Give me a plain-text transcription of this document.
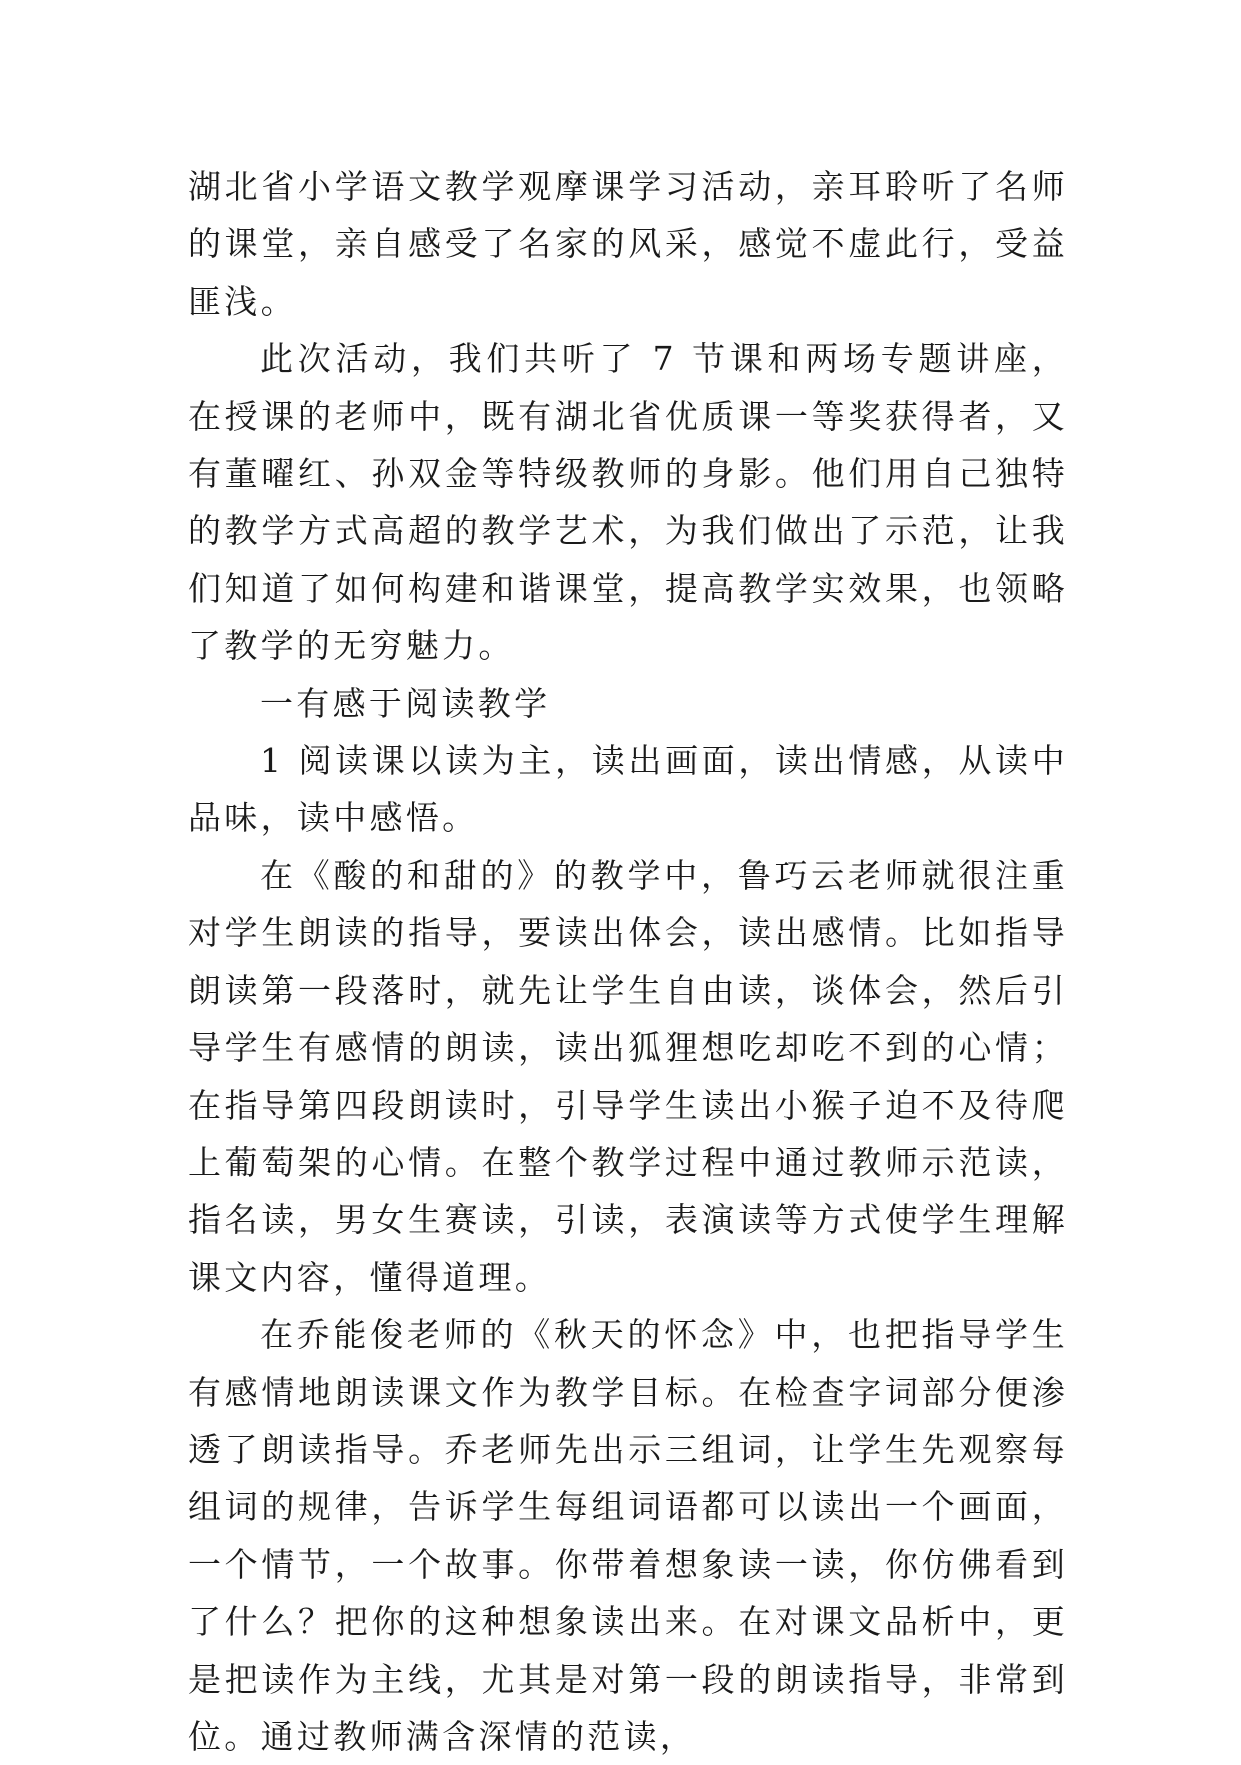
湖北省小学语文教学观摩课学习活动，亲耳聆听了名师的课堂，亲自感受了名家的风采，感觉不虚此行，受益匪浅。

此次活动，我们共听了 7 节课和两场专题讲座，在授课的老师中，既有湖北省优质课一等奖获得者，又有董曜红、孙双金等特级教师的身影。他们用自己独特的教学方式高超的教学艺术，为我们做出了示范，让我们知道了如何构建和谐课堂，提高教学实效果，也领略了教学的无穷魅力。

一有感于阅读教学

1 阅读课以读为主，读出画面，读出情感，从读中品味，读中感悟。

在《酸的和甜的》的教学中，鲁巧云老师就很注重对学生朗读的指导，要读出体会，读出感情。比如指导朗读第一段落时，就先让学生自由读，谈体会，然后引导学生有感情的朗读，读出狐狸想吃却吃不到的心情；在指导第四段朗读时，引导学生读出小猴子迫不及待爬上葡萄架的心情。在整个教学过程中通过教师示范读，指名读，男女生赛读，引读，表演读等方式使学生理解课文内容，懂得道理。

在乔能俊老师的《秋天的怀念》中，也把指导学生有感情地朗读课文作为教学目标。在检查字词部分便渗透了朗读指导。乔老师先出示三组词，让学生先观察每组词的规律，告诉学生每组词语都可以读出一个画面，一个情节，一个故事。你带着想象读一读，你仿佛看到了什么？把你的这种想象读出来。在对课文品析中，更是把读作为主线，尤其是对第一段的朗读指导，非常到位。通过教师满含深情的范读，
